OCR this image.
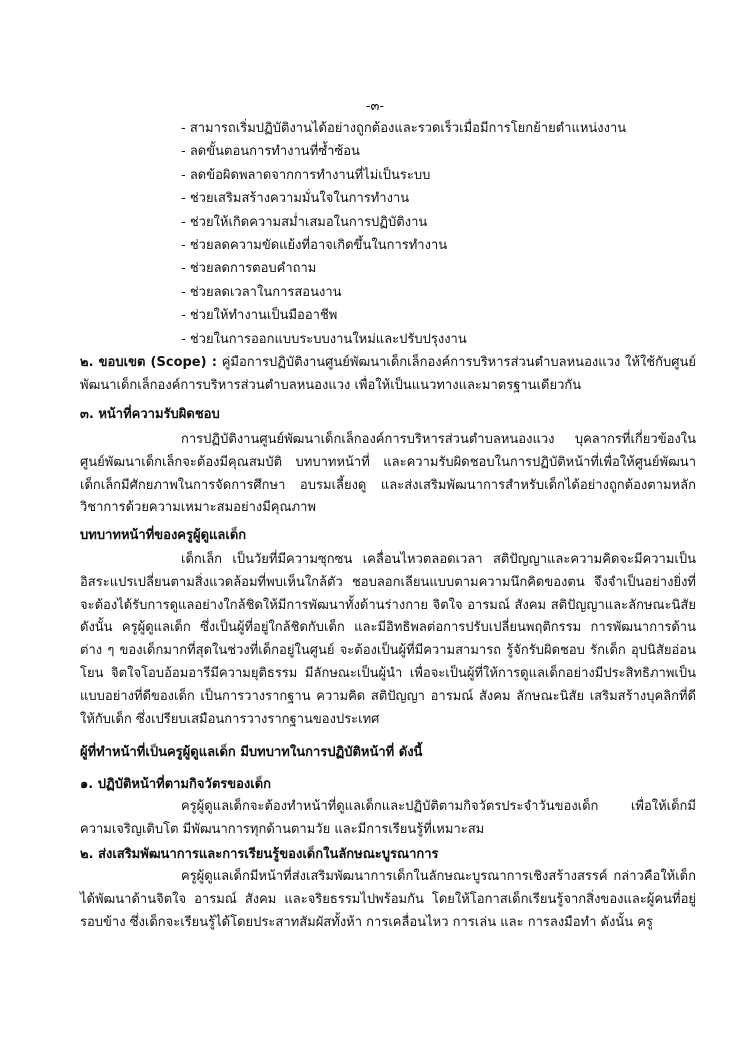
-๓-
- สามารถเริ่มปฏิบัติงานได้อย่างถูกต้องและรวดเร็วเมื่อมีการโยกย้ายตำแหน่งงาน
- ลดขั้นตอนการทำงานที่ซ้ำซ้อน
- ลดข้อผิดพลาดจากการทำงานที่ไม่เป็นระบบ
- ช่วยเสริมสร้างความมั่นใจในการทำงาน
- ช่วยให้เกิดความสม่ำเสมอในการปฏิบัติงาน
- ช่วยลดความขัดแย้งที่อาจเกิดขึ้นในการทำงาน
- ช่วยลดการตอบคำถาม
- ช่วยลดเวลาในการสอนงาน
- ช่วยให้ทำงานเป็นมืออาชีพ
- ช่วยในการออกแบบระบบงานใหม่และปรับปรุงงาน

๒. ขอบเขต (Scope) : คู่มือการปฏิบัติงานศูนย์พัฒนาเด็กเล็กองค์การบริหารส่วนตำบลหนองแวง ให้ใช้กับศูนย์พัฒนาเด็กเล็กองค์การบริหารส่วนตำบลหนองแวง เพื่อให้เป็นแนวทางและมาตรฐานเดียวกัน

๓. หน้าที่ความรับผิดชอบ

การปฏิบัติงานศูนย์พัฒนาเด็กเล็กองค์การบริหารส่วนตำบลหนองแวง บุคลากรที่เกี่ยวข้องในศูนย์พัฒนาเด็กเล็กจะต้องมีคุณสมบัติ บทบาทหน้าที่ และความรับผิดชอบในการปฏิบัติหน้าที่เพื่อให้ศูนย์พัฒนาเด็กเล็กมีศักยภาพในการจัดการศึกษา อบรมเลี้ยงดู และส่งเสริมพัฒนาการสำหรับเด็กได้อย่างถูกต้องตามหลักวิชาการด้วยความเหมาะสมอย่างมีคุณภาพ

บทบาทหน้าที่ของครูผู้ดูแลเด็ก

เด็กเล็ก เป็นวัยที่มีความซุกซน เคลื่อนไหวตลอดเวลา สติปัญญาและความคิดจะมีความเป็นอิสระแปรเปลี่ยนตามสิ่งแวดล้อมที่พบเห็นใกล้ตัว ชอบลอกเลียนแบบตามความนึกคิดของตน จึงจำเป็นอย่างยิ่งที่จะต้องได้รับการดูแลอย่างใกล้ชิดให้มีการพัฒนาทั้งด้านร่างกาย จิตใจ อารมณ์ สังคม สติปัญญาและลักษณะนิสัย ดังนั้น ครูผู้ดูแลเด็ก ซึ่งเป็นผู้ที่อยู่ใกล้ชิดกับเด็ก และมีอิทธิพลต่อการปรับเปลี่ยนพฤติกรรม การพัฒนาการด้านต่าง ๆ ของเด็กมากที่สุดในช่วงที่เด็กอยู่ในศูนย์ จะต้องเป็นผู้ที่มีความสามารถ รู้จักรับผิดชอบ รักเด็ก อุปนิสัยอ่อนโยน จิตใจโอบอ้อมอารีมีความยุติธรรม มีลักษณะเป็นผู้นำ เพื่อจะเป็นผู้ที่ให้การดูแลเด็กอย่างมีประสิทธิภาพเป็นแบบอย่างที่ดีของเด็ก เป็นการวางรากฐาน ความคิด สติปัญญา อารมณ์ สังคม ลักษณะนิสัย เสริมสร้างบุคลิกที่ดีให้กับเด็ก ซึ่งเปรียบเสมือนการวางรากฐานของประเทศ

ผู้ที่ทำหน้าที่เป็นครูผู้ดูแลเด็ก มีบทบาทในการปฏิบัติหน้าที่ ดังนี้
๑. ปฏิบัติหน้าที่ตามกิจวัตรของเด็ก

ครูผู้ดูแลเด็กจะต้องทำหน้าที่ดูแลเด็กและปฏิบัติตามกิจวัตรประจำวันของเด็ก เพื่อให้เด็กมีความเจริญเติบโต มีพัฒนาการทุกด้านตามวัย และมีการเรียนรู้ที่เหมาะสม

๒. ส่งเสริมพัฒนาการและการเรียนรู้ของเด็กในลักษณะบูรณาการ

ครูผู้ดูแลเด็กมีหน้าที่ส่งเสริมพัฒนาการเด็กในลักษณะบูรณาการเชิงสร้างสรรค์ กล่าวคือให้เด็กได้พัฒนาด้านจิตใจ อารมณ์ สังคม และจริยธรรมไปพร้อมกัน โดยให้โอกาสเด็กเรียนรู้จากสิ่งของและผู้คนที่อยู่รอบข้าง ซึ่งเด็กจะเรียนรู้ได้โดยประสาทสัมผัสทั้งห้า การเคลื่อนไหว การเล่น และ การลงมือทำ ดังนั้น ครู
